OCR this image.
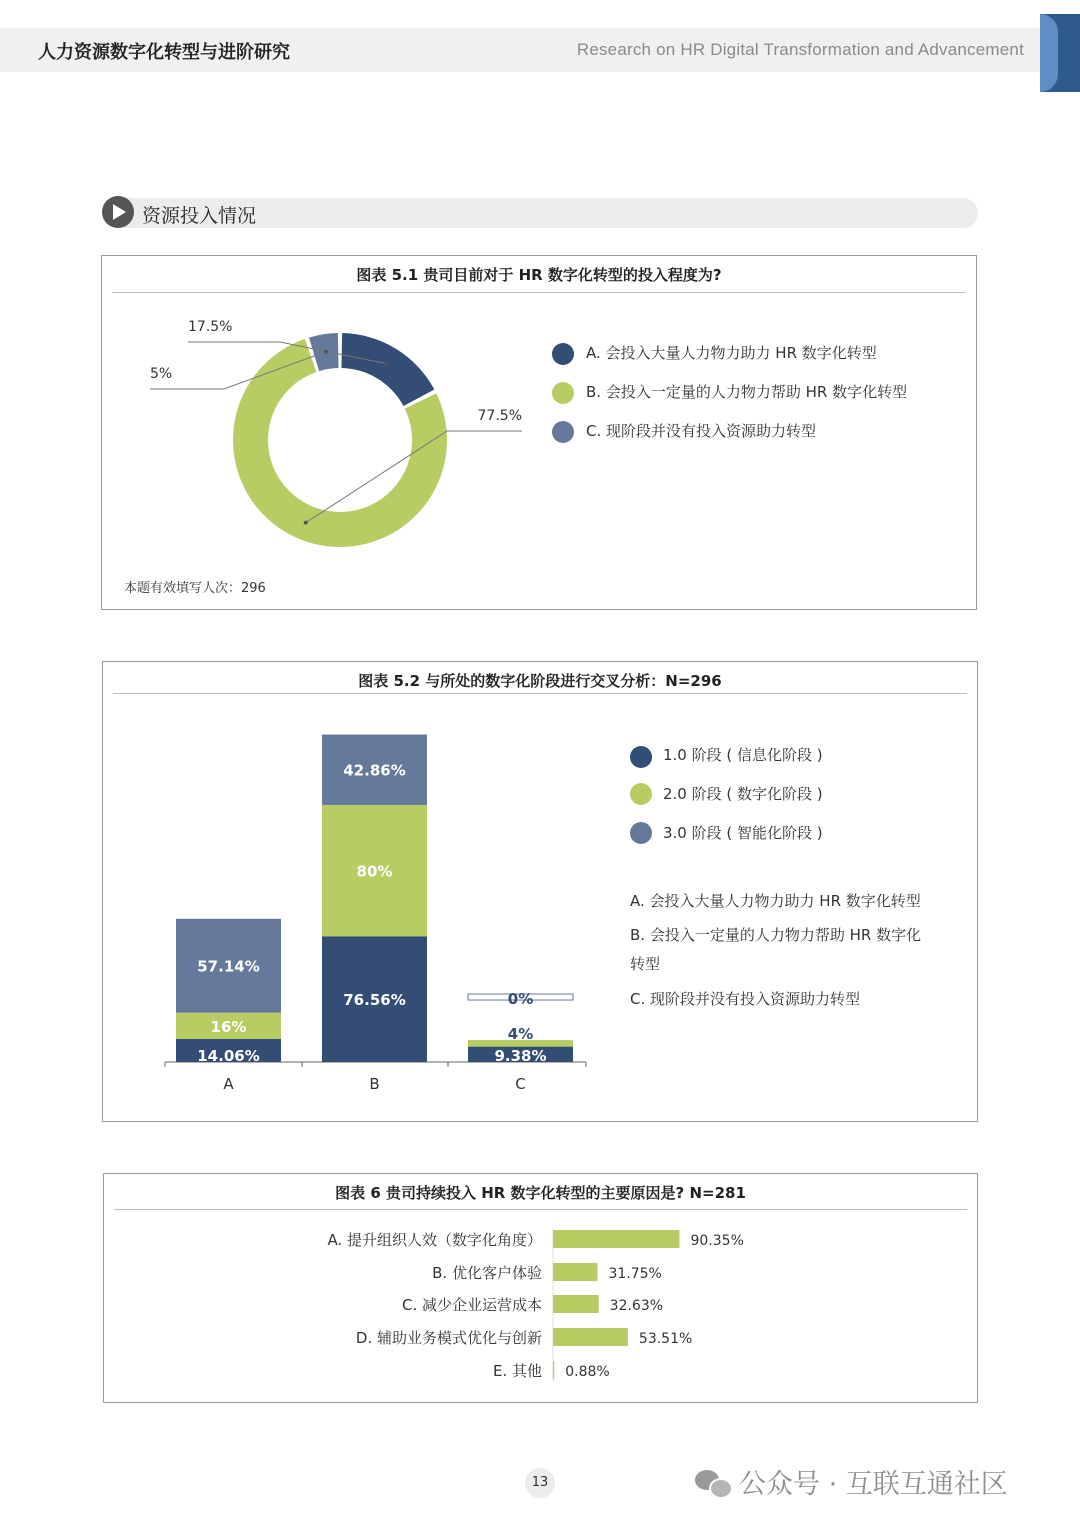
人力资源数字化转型与进阶研究	Research on HR Digital Transformation and Advancement
资源投入情况
图表 5.1 贵司目前对于 HR 数字化转型的投入程度为?
17.5%
77.5%
5%
A. 会投入大量人力物力助力 HR 数字化转型
B. 会投入一定量的人力物力帮助 HR 数字化转型
C. 现阶段并没有投入资源助力转型
本题有效填写人次：296
图表 5.2 与所处的数字化阶段进行交叉分析：N=296
14.06%
16%
57.14%
A
76.56%
80%
42.86%
B
9.38%
4%
0%
C
1.0 阶段 ( 信息化阶段 )
2.0 阶段 ( 数字化阶段 )
3.0 阶段 ( 智能化阶段 )
A. 会投入大量人力物力助力 HR 数字化转型
B. 会投入一定量的人力物力帮助 HR 数字化
转型
C. 现阶段并没有投入资源助力转型
图表 6 贵司持续投入 HR 数字化转型的主要原因是? N=281
A. 提升组织人效（数字化角度）	90.35%
B. 优化客户体验	31.75%
C. 减少企业运营成本	32.63%
D. 辅助业务模式优化与创新	53.51%
E. 其他 0.88%
13	公众号 · 互联互通社区
